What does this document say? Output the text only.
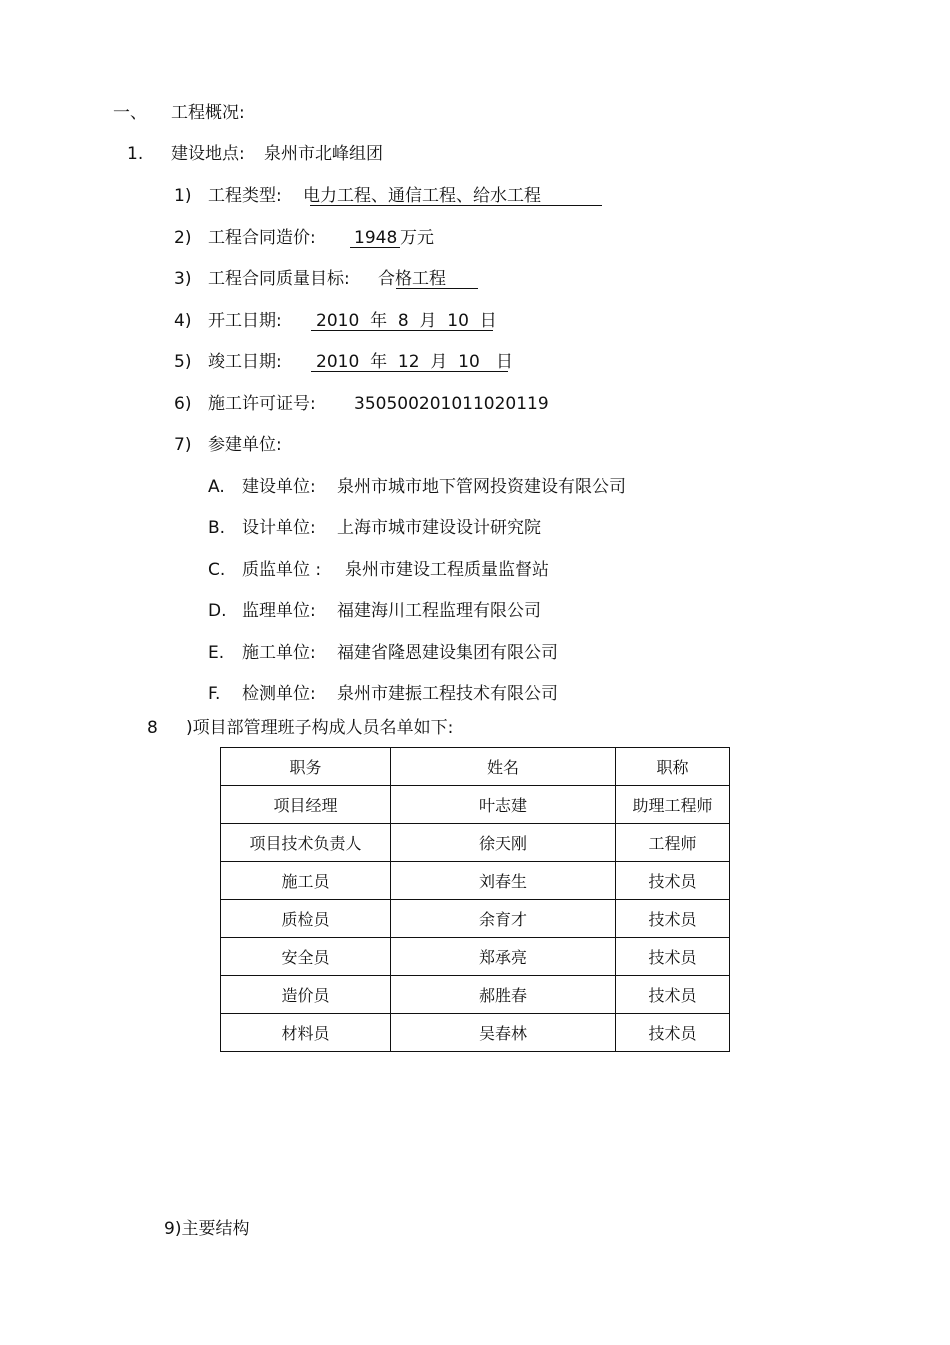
一、 工程概况:
1. 建设地点: 泉州市北峰组团
1) 工程类型: 电力工程、通信工程、给水工程
2) 工程合同造价: 1948 万元
3) 工程合同质量目标: 合格工程
4) 开工日期: 2010  年  8  月  10  日
5) 竣工日期: 2010  年  12  月  10   日
6) 施工许可证号: 350500201011020119
7) 参建单位:
A. 建设单位: 泉州市城市地下管网投资建设有限公司
B. 设计单位: 上海市城市建设设计研究院
C. 质监单位 : 泉州市建设工程质量监督站
D. 监理单位: 福建海川工程监理有限公司
E. 施工单位: 福建省隆恩建设集团有限公司
F. 检测单位: 泉州市建振工程技术有限公司
8 )项目部管理班子构成人员名单如下:
职务	姓名	职称
项目经理	叶志建	助理工程师
项目技术负责人	徐天刚	工程师
施工员	刘春生	技术员
质检员	余育才	技术员
安全员	郑承亮	技术员
造价员	郝胜春	技术员
材料员	吴春林	技术员
9)主要结构
